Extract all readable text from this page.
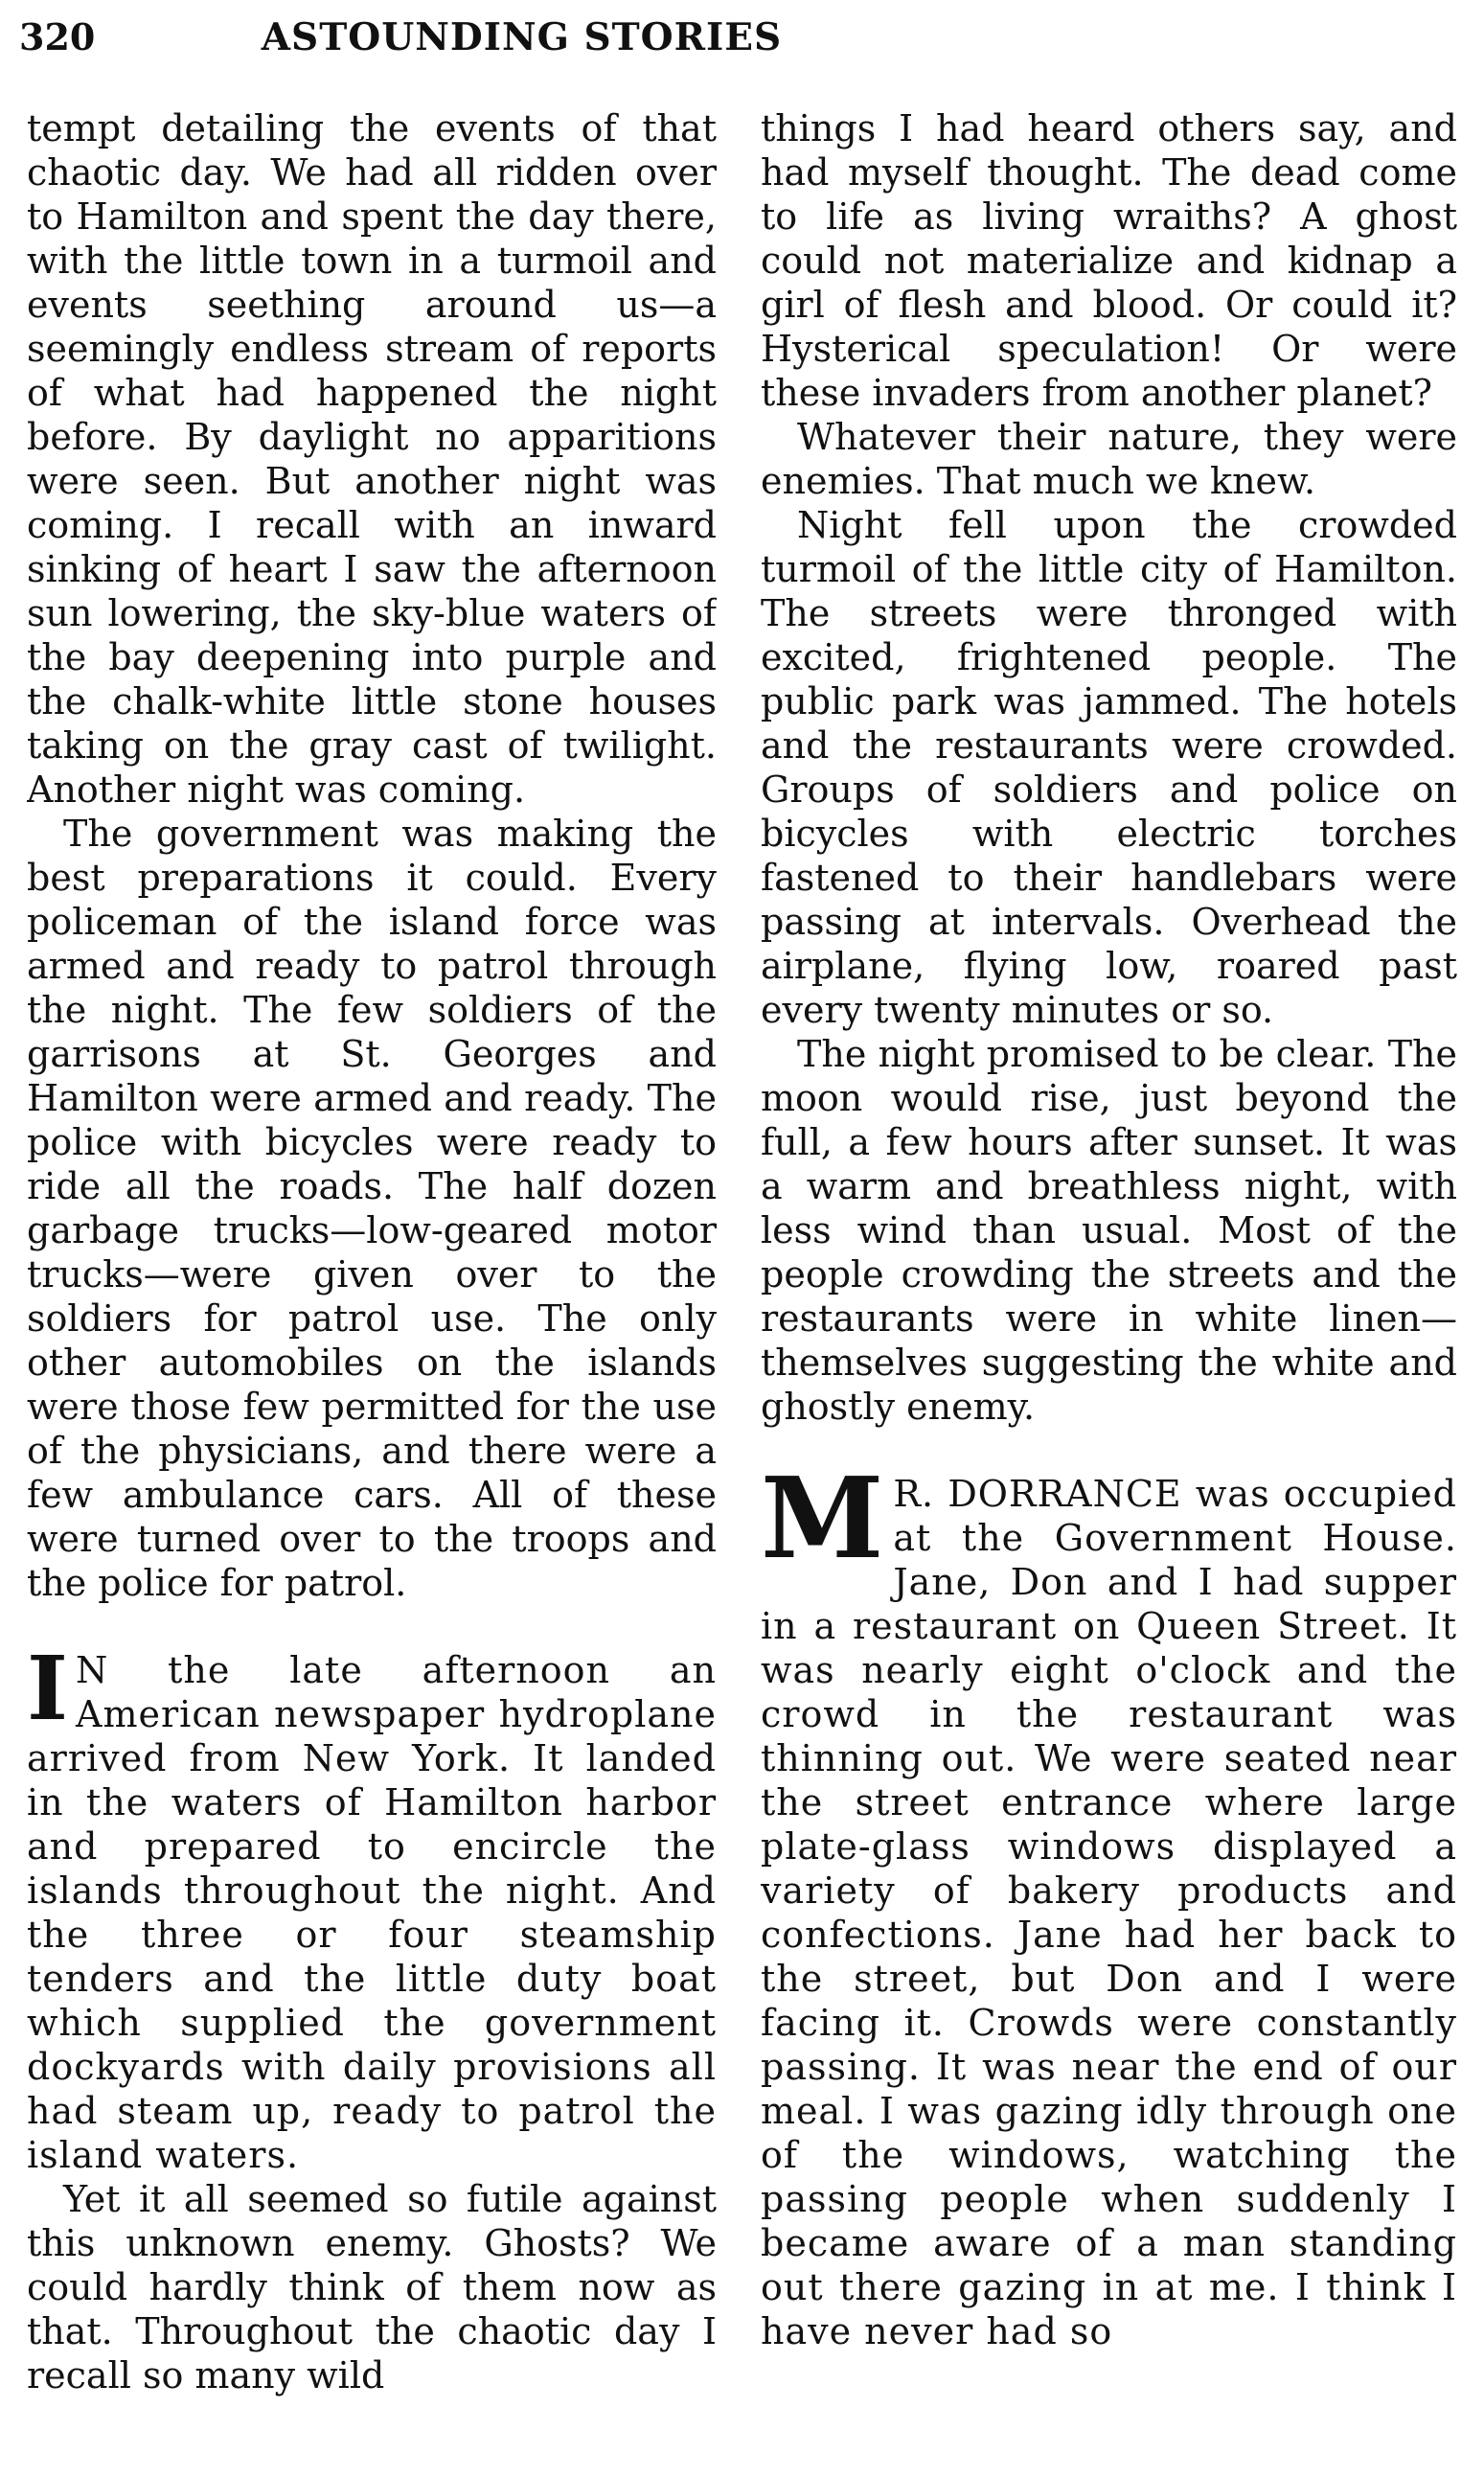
320	ASTOUNDING STORIES

tempt detailing the events of that chaotic day. We had all ridden over to Hamilton and spent the day there, with the little town in a turmoil and events seething around us—a seemingly endless stream of reports of what had happened the night before. By daylight no apparitions were seen. But another night was coming. I recall with an inward sinking of heart I saw the afternoon sun lowering, the sky-blue waters of the bay deepening into purple and the chalk-white little stone houses taking on the gray cast of twilight. Another night was coming.

The government was making the best preparations it could. Every policeman of the island force was armed and ready to patrol through the night. The few soldiers of the garrisons at St. Georges and Hamilton were armed and ready. The police with bicycles were ready to ride all the roads. The half dozen garbage trucks—low-geared motor trucks—were given over to the soldiers for patrol use. The only other automobiles on the islands were those few permitted for the use of the physicians, and there were a few ambulance cars. All of these were turned over to the troops and the police for patrol.

I N the late afternoon an American newspaper hydroplane arrived from New York. It landed in the waters of Hamilton harbor and prepared to encircle the islands throughout the night. And the three or four steamship tenders and the little duty boat which supplied the government dockyards with daily provisions all had steam up, ready to patrol the island waters.

Yet it all seemed so futile against this unknown enemy. Ghosts? We could hardly think of them now as that. Throughout the chaotic day I recall so many wild

things I had heard others say, and had myself thought. The dead come to life as living wraiths? A ghost could not materialize and kidnap a girl of flesh and blood. Or could it? Hysterical speculation! Or were these invaders from another planet?

Whatever their nature, they were enemies. That much we knew.

Night fell upon the crowded turmoil of the little city of Hamilton. The streets were thronged with excited, frightened people. The public park was jammed. The hotels and the restaurants were crowded. Groups of soldiers and police on bicycles with electric torches fastened to their handlebars were passing at intervals. Overhead the airplane, flying low, roared past every twenty minutes or so.

The night promised to be clear. The moon would rise, just beyond the full, a few hours after sunset. It was a warm and breathless night, with less wind than usual. Most of the people crowding the streets and the restaurants were in white linen—themselves suggesting the white and ghostly enemy.

M R. DORRANCE was occupied at the Government House. Jane, Don and I had supper in a restaurant on Queen Street. It was nearly eight o'clock and the crowd in the restaurant was thinning out. We were seated near the street entrance where large plate-glass windows displayed a variety of bakery products and confections. Jane had her back to the street, but Don and I were facing it. Crowds were constantly passing. It was near the end of our meal. I was gazing idly through one of the windows, watching the passing people when suddenly I became aware of a man standing out there gazing in at me. I think I have never had so
